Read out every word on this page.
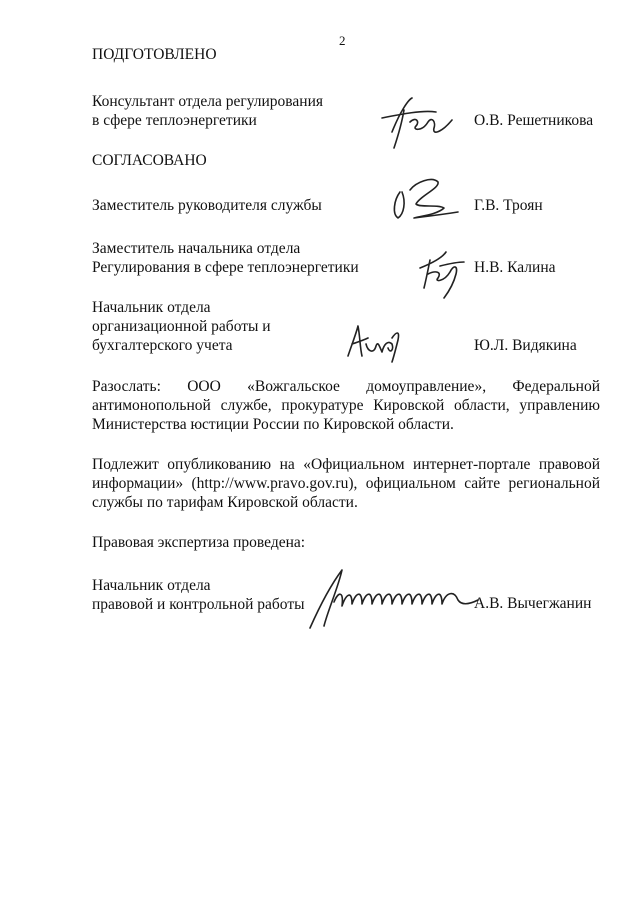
2
ПОДГОТОВЛЕНО
Консультант отдела регулирования
в сфере теплоэнергетики	О.В. Решетникова
СОГЛАСОВАНО
Заместитель руководителя службы	Г.В. Троян
Заместитель начальника отдела
Регулирования в сфере теплоэнергетики	Н.В. Калина
Начальник отдела
организационной работы и
бухгалтерского учета	Ю.Л. Видякина
Разослать: ООО «Вожгальское домоуправление», Федеральной антимонопольной службе, прокуратуре Кировской области, управлению Министерства юстиции России по Кировской области.
Подлежит опубликованию на «Официальном интернет-портале правовой информации» (http://www.pravo.gov.ru), официальном сайте региональной службы по тарифам Кировской области.
Правовая экспертиза проведена:
Начальник отдела
правовой и контрольной работы	А.В. Вычегжанин
